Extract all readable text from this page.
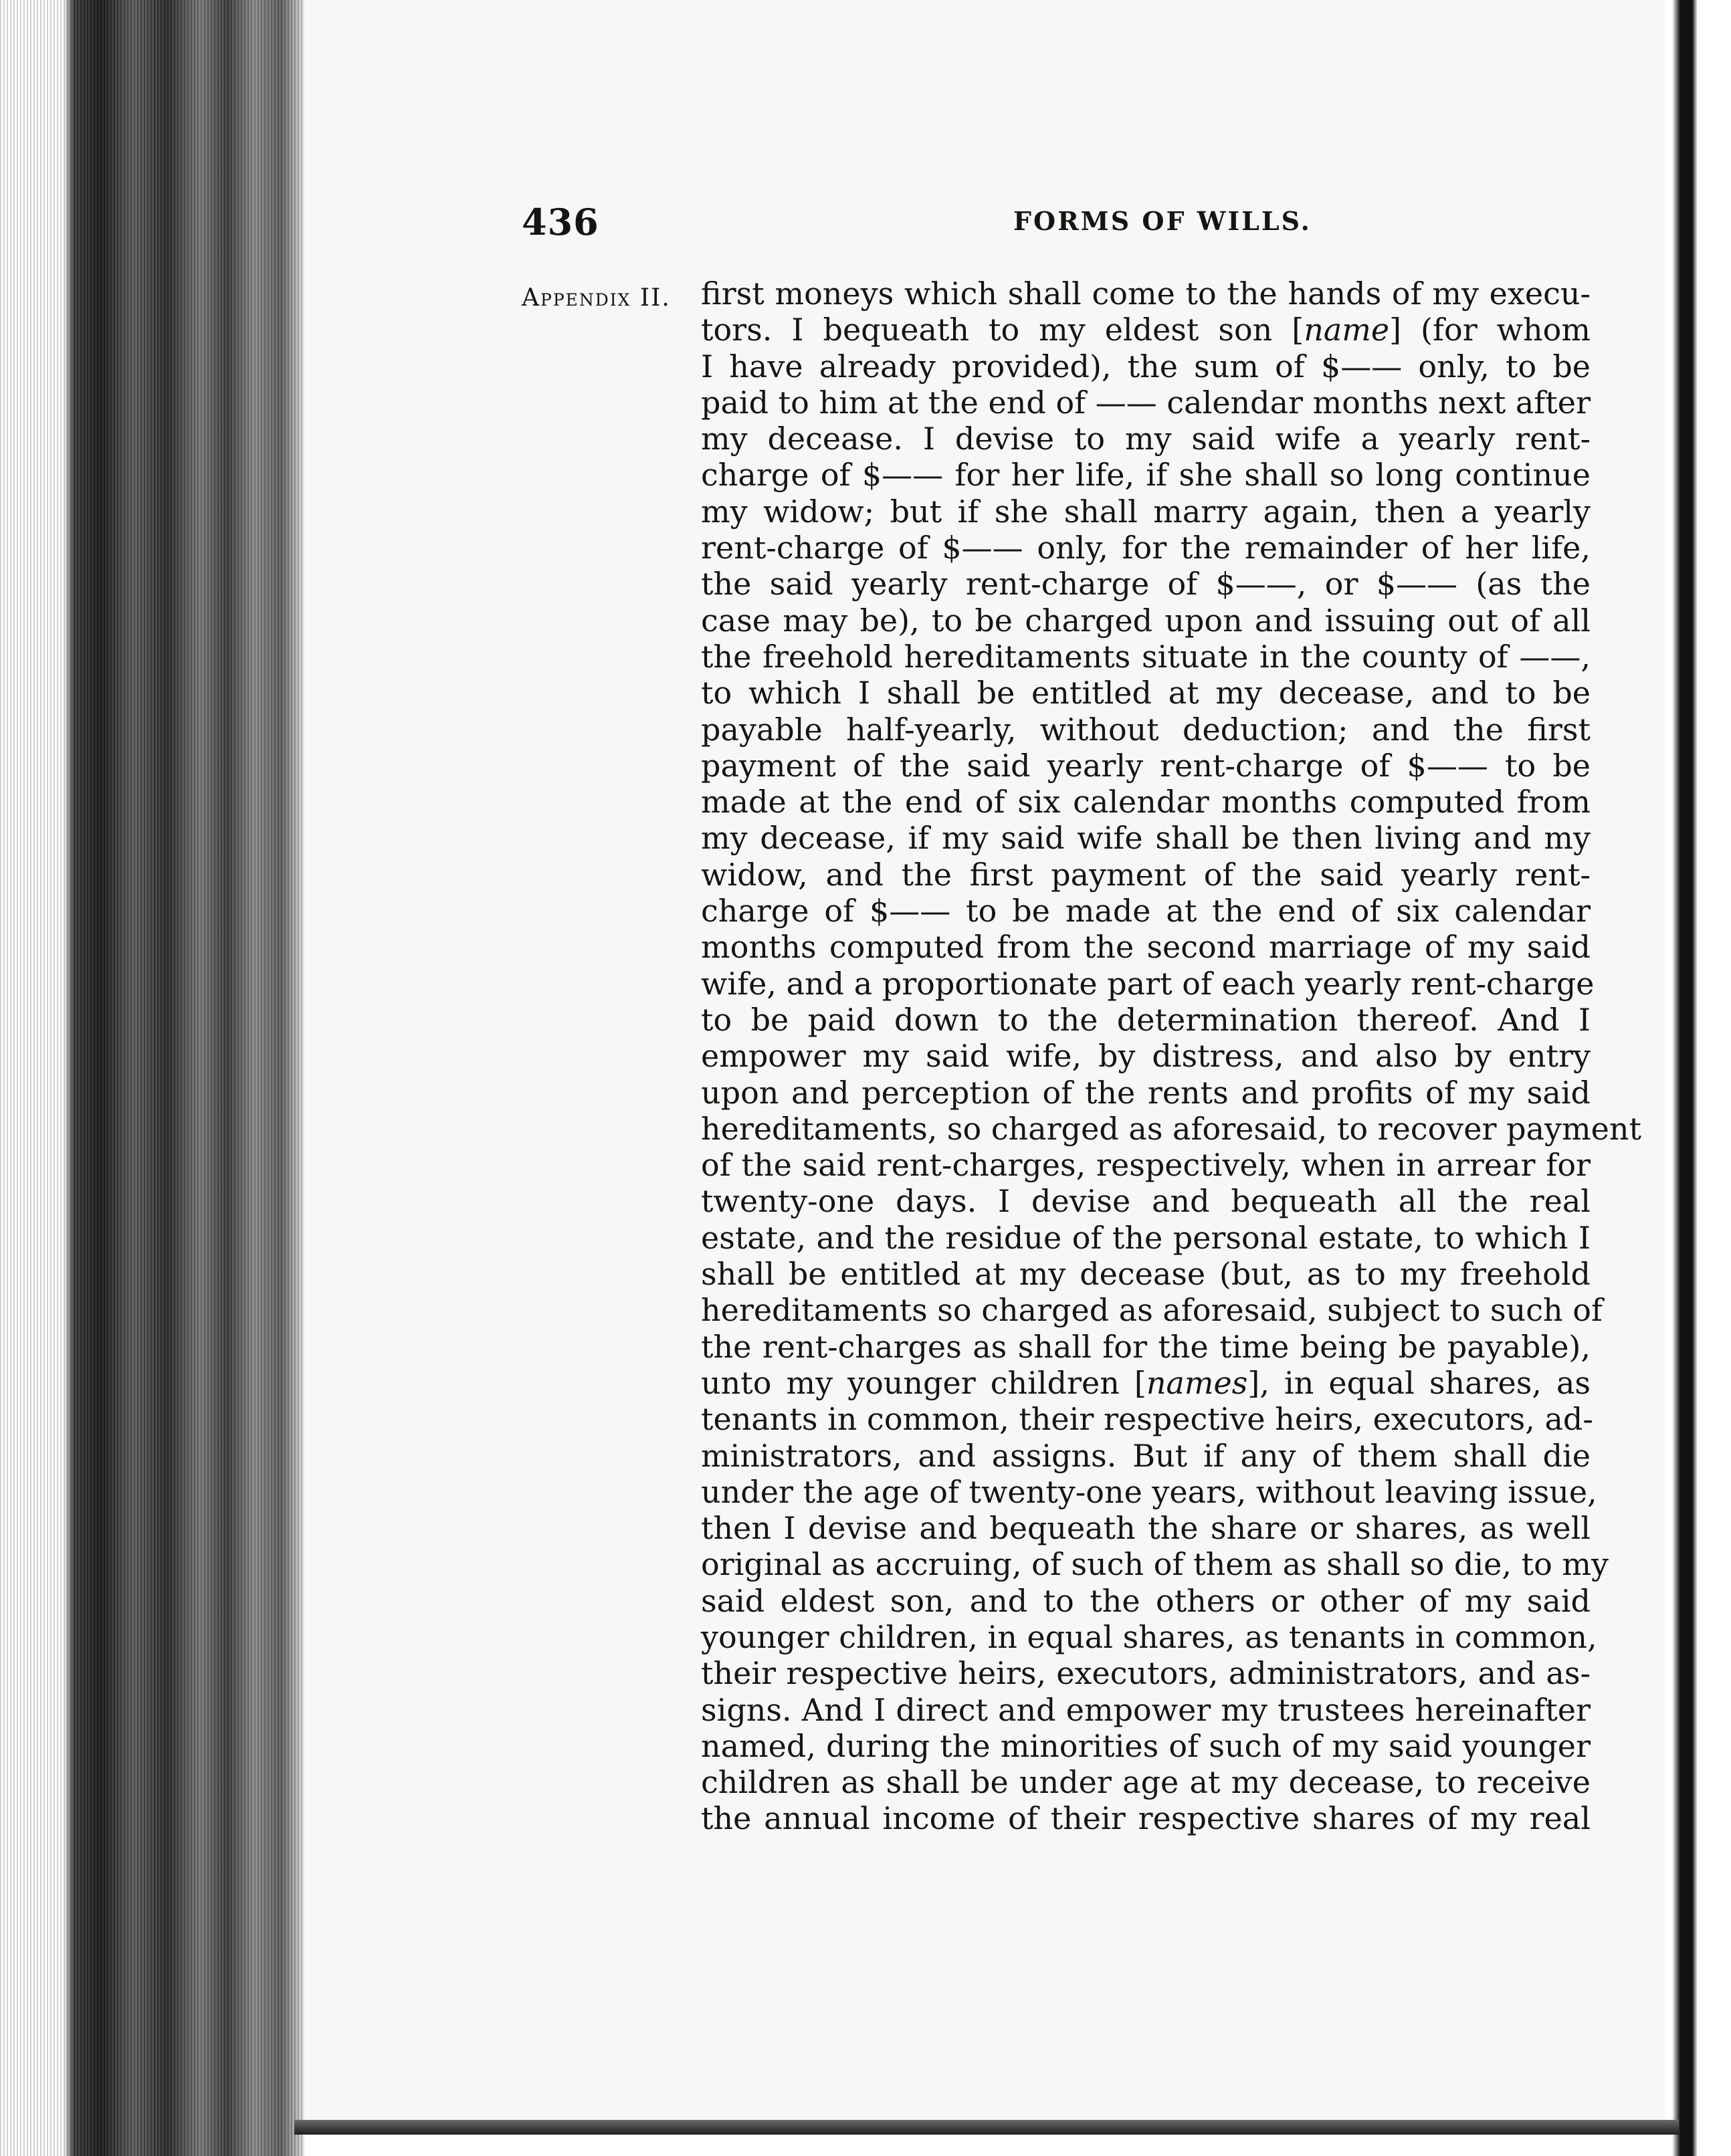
436	FORMS OF WILLS.
Appendix II. first moneys which shall come to the hands of my execu-
tors. I bequeath to my eldest son [name] (for whom
I have already provided), the sum of $—— only, to be
paid to him at the end of —— calendar months next after
my decease. I devise to my said wife a yearly rent-
charge of $—— for her life, if she shall so long continue
my widow; but if she shall marry again, then a yearly
rent-charge of $—— only, for the remainder of her life,
the said yearly rent-charge of $——, or $—— (as the
case may be), to be charged upon and issuing out of all
the freehold hereditaments situate in the county of ——,
to which I shall be entitled at my decease, and to be
payable half-yearly, without deduction; and the first
payment of the said yearly rent-charge of $—— to be
made at the end of six calendar months computed from
my decease, if my said wife shall be then living and my
widow, and the first payment of the said yearly rent-
charge of $—— to be made at the end of six calendar
months computed from the second marriage of my said
wife, and a proportionate part of each yearly rent-charge
to be paid down to the determination thereof. And I
empower my said wife, by distress, and also by entry
upon and perception of the rents and profits of my said
hereditaments, so charged as aforesaid, to recover payment
of the said rent-charges, respectively, when in arrear for
twenty-one days. I devise and bequeath all the real
estate, and the residue of the personal estate, to which I
shall be entitled at my decease (but, as to my freehold
hereditaments so charged as aforesaid, subject to such of
the rent-charges as shall for the time being be payable),
unto my younger children [names], in equal shares, as
tenants in common, their respective heirs, executors, ad-
ministrators, and assigns. But if any of them shall die
under the age of twenty-one years, without leaving issue,
then I devise and bequeath the share or shares, as well
original as accruing, of such of them as shall so die, to my
said eldest son, and to the others or other of my said
younger children, in equal shares, as tenants in common,
their respective heirs, executors, administrators, and as-
signs. And I direct and empower my trustees hereinafter
named, during the minorities of such of my said younger
children as shall be under age at my decease, to receive
the annual income of their respective shares of my real
